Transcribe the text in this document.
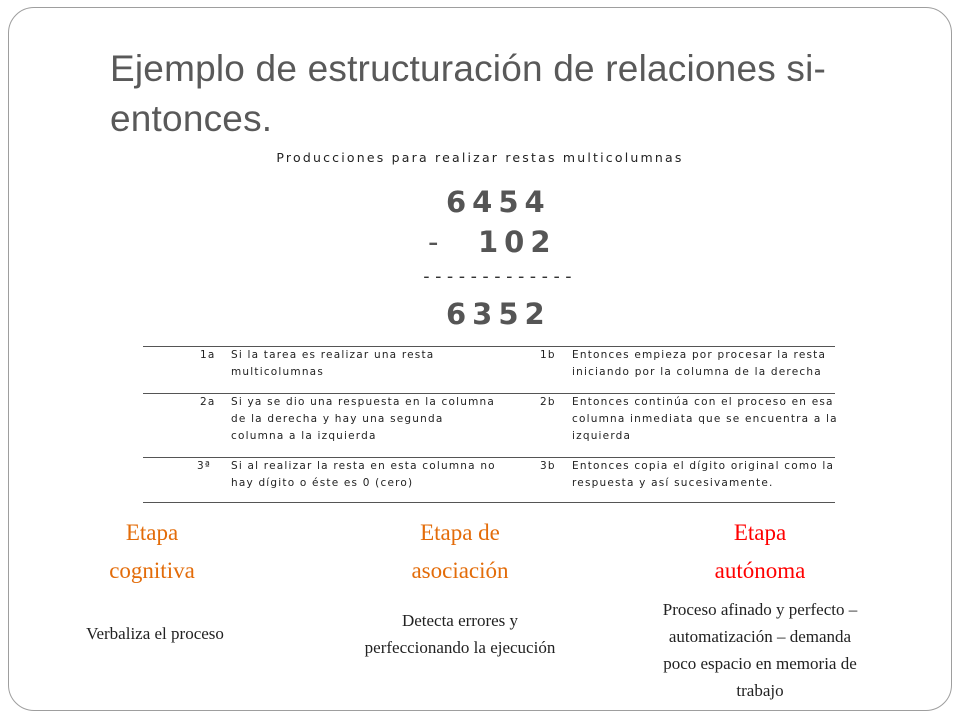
Ejemplo de estructuración de relaciones si-
entonces.
Producciones para realizar restas multicolumnas
6454
- 102
-------------
6352
1a Si la tarea es realizar una resta
multicolumnas
1b Entonces empieza por procesar la resta
iniciando por la columna de la derecha
2a Si ya se dio una respuesta en la columna
de la derecha y hay una segunda
columna a la izquierda
2b Entonces continúa con el proceso en esa
columna inmediata que se encuentra a la
izquierda
3ª Si al realizar la resta en esta columna no
hay dígito o éste es 0 (cero)
3b Entonces copia el dígito original como la
respuesta y así sucesivamente.
Etapa
cognitiva
Verbaliza el proceso
Etapa de
asociación
Detecta errores y
perfeccionando la ejecución
Etapa
autónoma
Proceso afinado y perfecto –
automatización – demanda
poco espacio en memoria de
trabajo
